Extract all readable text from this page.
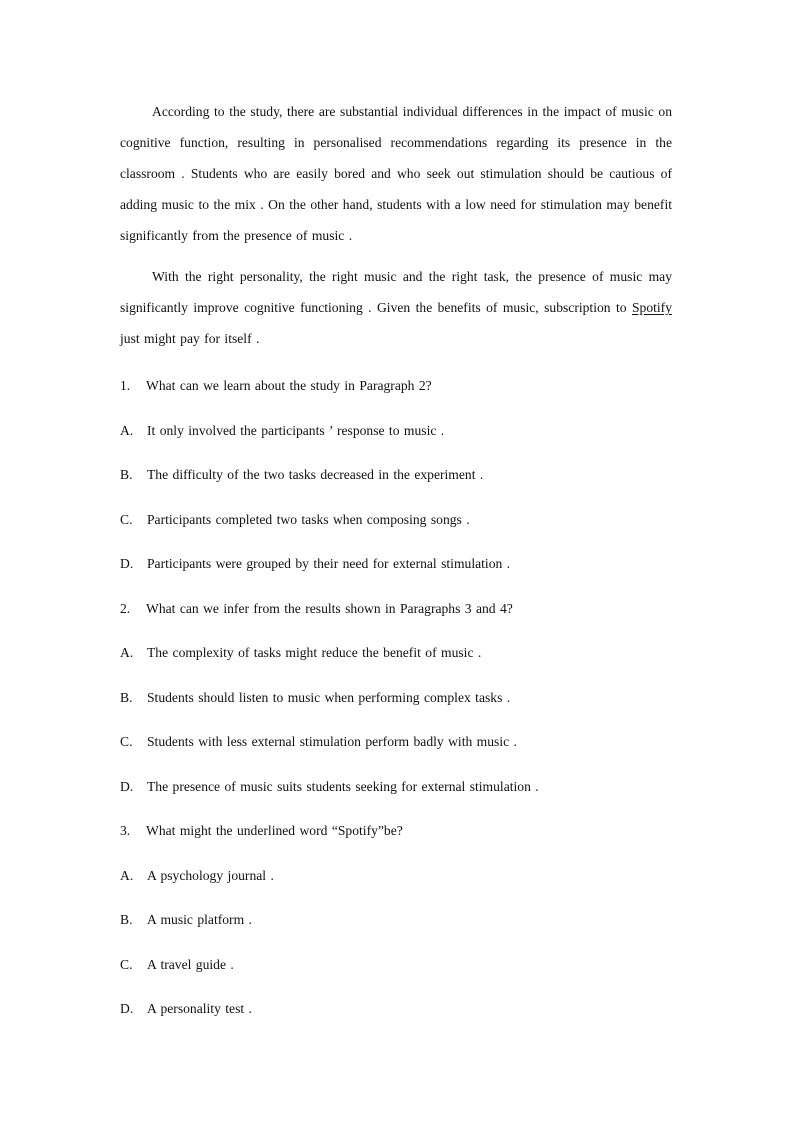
According to the study, there are substantial individual differences in the impact of music on cognitive function, resulting in personalised recommendations regarding its presence in the classroom . Students who are easily bored and who seek out stimulation should be cautious of adding music to the mix . On the other hand, students with a low need for stimulation may benefit significantly from the presence of music .

With the right personality, the right music and the right task, the presence of music may significantly improve cognitive functioning . Given the benefits of music, subscription to Spotify just might pay for itself .

1. What can we learn about the study in Paragraph 2?
A. It only involved the participants ’ response to music .
B. The difficulty of the two tasks decreased in the experiment .
C. Participants completed two tasks when composing songs .
D. Participants were grouped by their need for external stimulation .
2. What can we infer from the results shown in Paragraphs 3 and 4?
A. The complexity of tasks might reduce the benefit of music .
B. Students should listen to music when performing complex tasks .
C. Students with less external stimulation perform badly with music .
D. The presence of music suits students seeking for external stimulation .
3. What might the underlined word “Spotify”be?
A. A psychology journal .
B. A music platform .
C. A travel guide .
D. A personality test .
